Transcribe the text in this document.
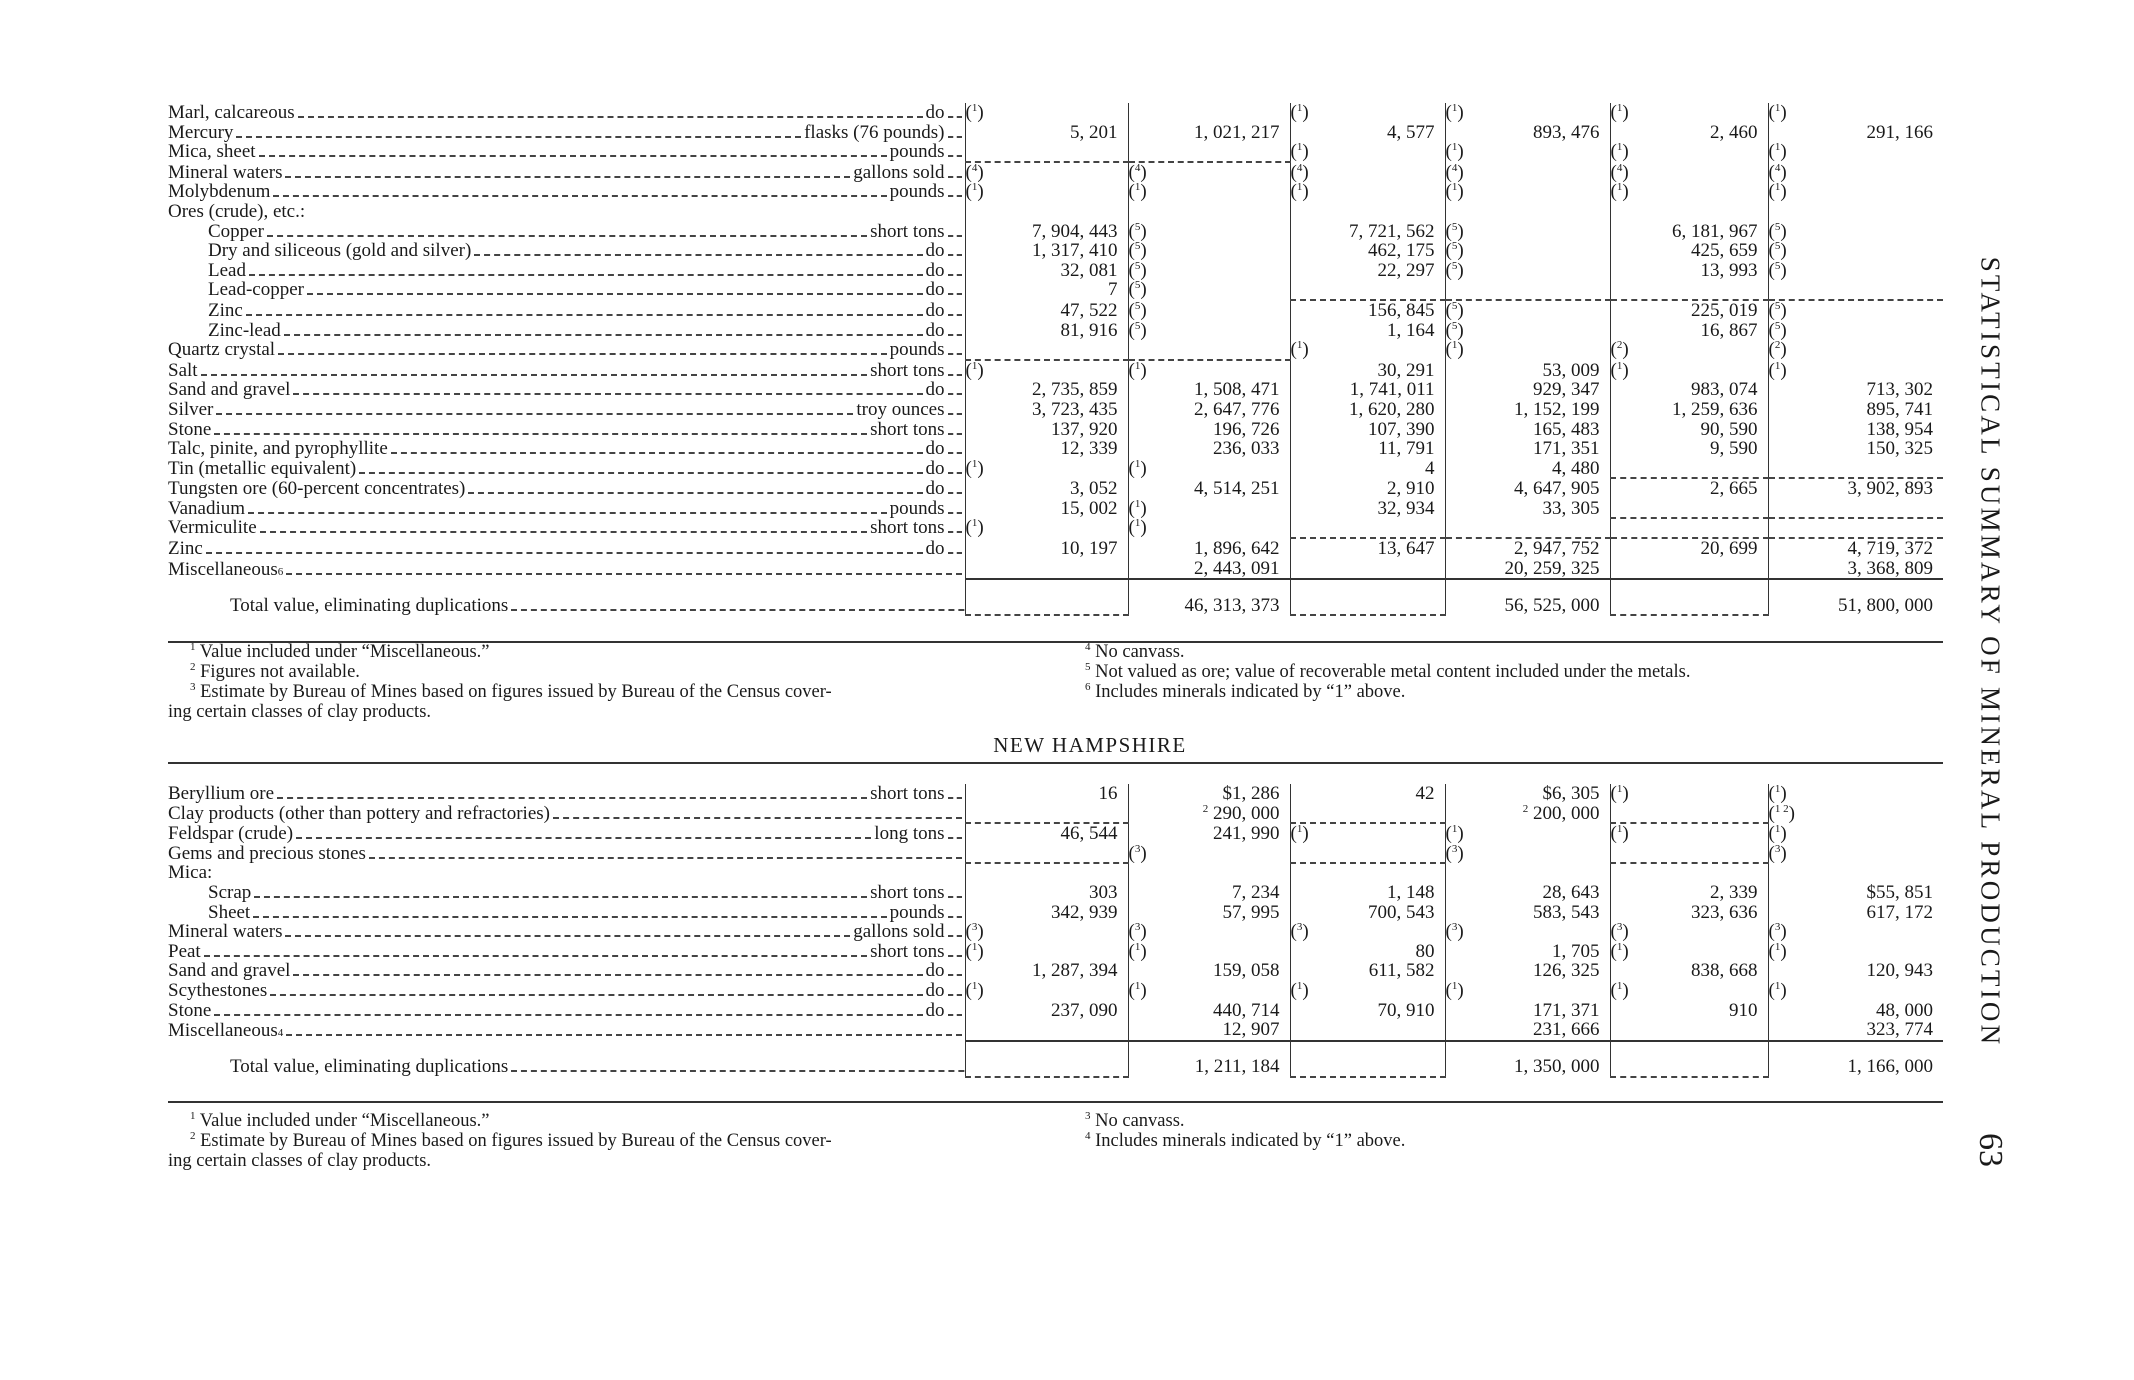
Marl, calcareous do	($^1$)		($^1$)	($^1$)	($^1$)	($^1$)

Mercury flasks (76 pounds)	5, 201	1, 021, 217	4, 577	893, 476	2, 460	291, 166

Mica, sheet pounds			($^1$)	($^1$)	($^1$)	($^1$)

Mineral waters gallons sold	($^4$)	($^4$)	($^4$)	($^4$)	($^4$)	($^4$)

Molybdenum pounds	($^1$)	($^1$)	($^1$)	($^1$)	($^1$)	($^1$)

Ores (crude), etc.:						

Copper short tons	7, 904, 443	($^5$)	7, 721, 562	($^5$)	6, 181, 967	($^5$)

Dry and siliceous (gold and silver) do	1, 317, 410	($^5$)	462, 175	($^5$)	425, 659	($^5$)

Lead do	32, 081	($^5$)	22, 297	($^5$)	13, 993	($^5$)

Lead-copper do	7	($^5$)				

Zinc do	47, 522	($^5$)	156, 845	($^5$)	225, 019	($^5$)

Zinc-lead do	81, 916	($^5$)	1, 164	($^5$)	16, 867	($^5$)

Quartz crystal pounds			($^1$)	($^1$)	($^2$)	($^2$)

Salt short tons	($^1$)	($^1$)	30, 291	53, 009	($^1$)	($^1$)

Sand and gravel do	2, 735, 859	1, 508, 471	1, 741, 011	929, 347	983, 074	713, 302

Silver troy ounces	3, 723, 435	2, 647, 776	1, 620, 280	1, 152, 199	1, 259, 636	895, 741

Stone short tons	137, 920	196, 726	107, 390	165, 483	90, 590	138, 954

Talc, pinite, and pyrophyllite do	12, 339	236, 033	11, 791	171, 351	9, 590	150, 325

Tin (metallic equivalent) do	($^1$)	($^1$)	4	4, 480		

Tungsten ore (60-percent concentrates) do	3, 052	4, 514, 251	2, 910	4, 647, 905	2, 665	3, 902, 893

Vanadium pounds	15, 002	($^1$)	32, 934	33, 305		

Vermiculite short tons	($^1$)	($^1$)				

Zinc do	10, 197	1, 896, 642	13, 647	2, 947, 752	20, 699	4, 719, 372

Miscellaneous 6		2, 443, 091		20, 259, 325		3, 368, 809

Total value, eliminating duplications		46, 313, 373		56, 525, 000		51, 800, 000
$^1$ Value included under “Miscellaneous.”
$^2$ Figures not available.
$^3$ Estimate by Bureau of Mines based on figures issued by Bureau of the Census cover-
ing certain classes of clay products.
$^4$ No canvass.
$^5$ Not valued as ore; value of recoverable metal content included under the metals.
$^6$ Includes minerals indicated by “1” above.
NEW HAMPSHIRE
Beryllium ore short tons	16	$1, 286	42	$6, 305	($^1$)	($^1$)

Clay products (other than pottery and refractories)		$^2$ 290, 000		$^2$ 200, 000		($^{1 2}$)

Feldspar (crude) long tons	46, 544	241, 990	($^1$)	($^1$)	($^1$)	($^1$)

Gems and precious stones		($^3$)		($^3$)		($^3$)

Mica:						

Scrap short tons	303	7, 234	1, 148	28, 643	2, 339	$55, 851

Sheet pounds	342, 939	57, 995	700, 543	583, 543	323, 636	617, 172

Mineral waters gallons sold	($^3$)	($^3$)	($^3$)	($^3$)	($^3$)	($^3$)

Peat short tons	($^1$)	($^1$)	80	1, 705	($^1$)	($^1$)

Sand and gravel do	1, 287, 394	159, 058	611, 582	126, 325	838, 668	120, 943

Scythestones do	($^1$)	($^1$)	($^1$)	($^1$)	($^1$)	($^1$)

Stone do	237, 090	440, 714	70, 910	171, 371	910	48, 000

Miscellaneous 4		12, 907		231, 666		323, 774

Total value, eliminating duplications		1, 211, 184		1, 350, 000		1, 166, 000
$^1$ Value included under “Miscellaneous.”
$^2$ Estimate by Bureau of Mines based on figures issued by Bureau of the Census cover-
ing certain classes of clay products.
$^3$ No canvass.
$^4$ Includes minerals indicated by “1” above.
STATISTICAL SUMMARY OF MINERAL PRODUCTION
63
